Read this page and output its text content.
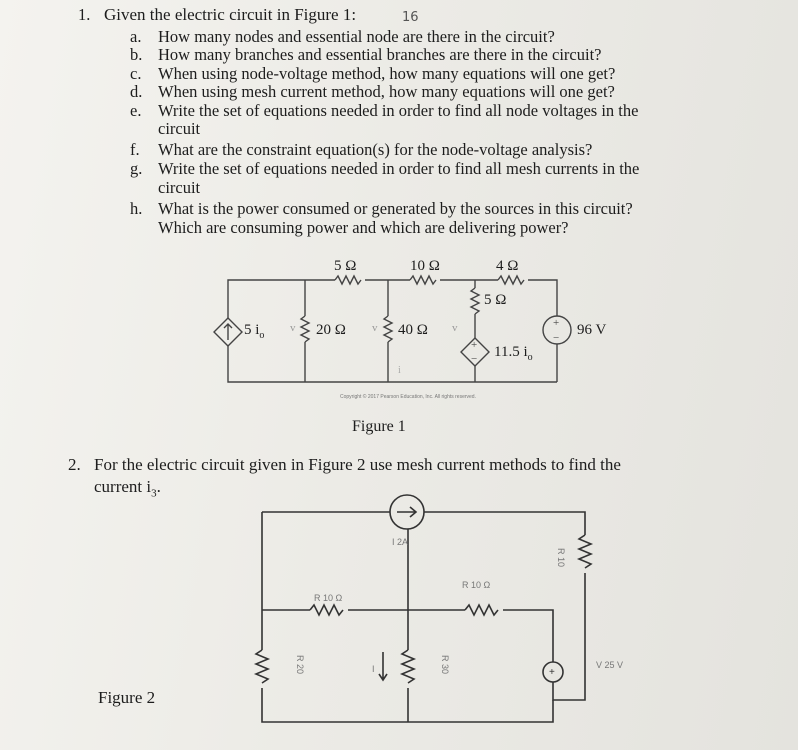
1. Given the electric circuit in Figure 1:	16
a. How many nodes and essential node are there in the circuit?
b. How many branches and essential branches are there in the circuit?
c. When using node-voltage method, how many equations will one get?
d. When using mesh current method, how many equations will one get?
e. Write the set of equations needed in order to find all node voltages in the
circuit
f. What are the constraint equation(s) for the node-voltage analysis?
g. Write the set of equations needed in order to find all mesh currents in the
circuit
h. What is the power consumed or generated by the sources in this circuit?
Which are consuming power and which are delivering power?
+
−
+
−
5 Ω	10 Ω	4 Ω
5 Ω
20 Ω	40 Ω
5 $i_o$
11.5 $i_o$
96 V
v	v	v
i
Copyright © 2017 Pearson Education, Inc. All rights reserved.
Figure 1
2. For the electric circuit given in Figure 2 use mesh current methods to find the
current $i_3$.
+
I 2A
R 10 Ω
R 10 Ω
R 10
R 20	R 30	V 25 V
I
Figure 2
